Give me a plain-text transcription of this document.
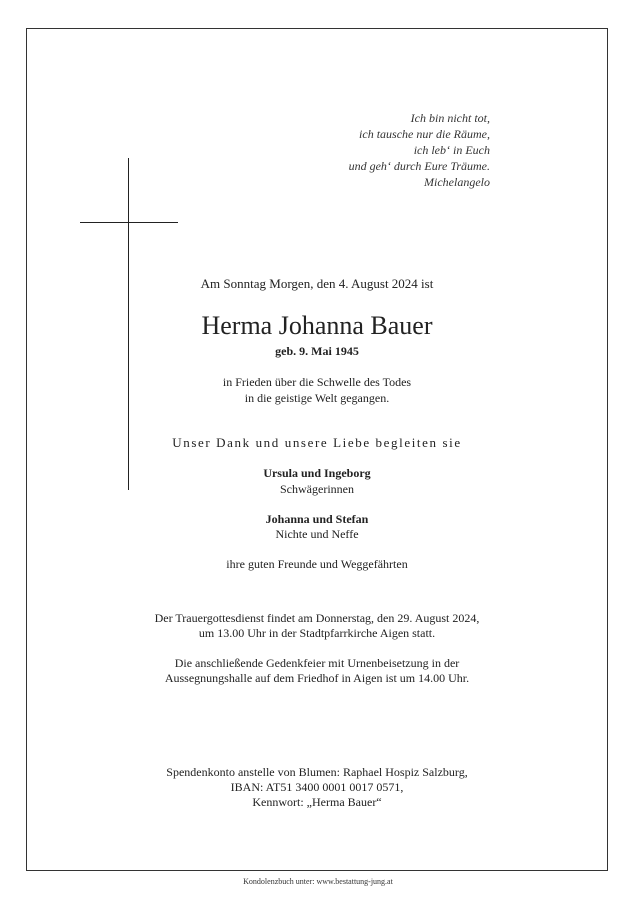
Ich bin nicht tot,
ich tausche nur die Räume,
ich leb‘ in Euch
und geh‘ durch Eure Träume.
Michelangelo
Am Sonntag Morgen, den 4. August 2024 ist
Herma Johanna Bauer
geb. 9. Mai 1945
in Frieden über die Schwelle des Todes
in die geistige Welt gegangen.
Unser Dank und unsere Liebe begleiten sie
Ursula und Ingeborg
Schwägerinnen
Johanna und Stefan
Nichte und Neffe
ihre guten Freunde und Weggefährten
Der Trauergottesdienst findet am Donnerstag, den 29. August 2024,
um 13.00 Uhr in der Stadtpfarrkirche Aigen statt.
Die anschließende Gedenkfeier mit Urnenbeisetzung in der
Aussegnungshalle auf dem Friedhof in Aigen ist um 14.00 Uhr.
Spendenkonto anstelle von Blumen: Raphael Hospiz Salzburg,
IBAN: AT51 3400 0001 0017 0571,
Kennwort: „Herma Bauer“
Kondolenzbuch unter: www.bestattung-jung.at
